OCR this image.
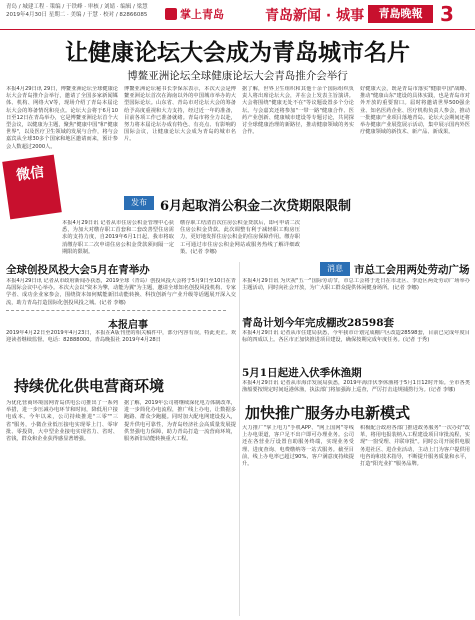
青岛 / 城建工程 · 策编 / 于铁峰 · 审核 / 刘婧 · 编辑 / 梁慧
2019年4月30日 星期二 · 美编 / 于慧 · 校对 / 82866085	掌上青岛	青岛新闻 · 城事	青島晚報 3
让健康论坛大会成为青岛城市名片
博鳌亚洲论坛全球健康论坛大会青岛推介会举行
微信
本报4月29日讯 29日，博鳌亚洲论坛全球健康论坛大会青岛推介会举行，邀请了全国多家新闻媒体、机构、网络大V等，现场介绍了青岛本届论坛大会的筹备情况和亮点。论坛大会将于6月10日至12日在青岛举办，它是博鳌亚洲论坛首个大型会议，以健康为主题，聚焦"健康中国"和"健康世界"，以及医疗卫生领域的发展与合作，将与会嘉宾从全球30多个国家和地区邀请而来，预计参会人数超过2000人。
博鳌亚洲论坛秘书长李保东表示，本次大会是博鳌亚洲论坛首次在海南以外的中国城市举办的大型国际论坛。山东省、青岛市对论坛大会的筹备给予高度重视和大力支持，经过近一年的准备，目前各项工作已准备就绪。青岛市将全力以赴，努力将本届论坛办成有特色、有亮点、有影响的国际会议，让健康论坛大会成为青岛的城市名片。
据了解，世界卫生组织和其他十余个国际组织负责人将出席论坛大会，并在会上发表主旨演讲。大会将围绕"健康无处不在"等议题设置多个分论坛。与会嘉宾还将参加"一带一路"健康合作、医药产业创新、健康城市建设等专题讨论，共同探讨全球健康治理的新路径，推动健康领域的务实合作。
好健康大会，既是青岛市落实"健康中国"战略、推动"健康山东"建设的具体实践，也是青岛市对外开放的重要窗口。届时将邀请世界500强企业、知名医药企业、医疗机构负责人参会，推动一批健康产业项目落地青岛。论坛大会期间还将举办健康产业展览展示活动，集中展示国内外医疗健康领域的新技术、新产品、新成果。
发布	6月起取消公积金二次贷期限限制
本报4月29日讯 记者从市住房公积金管理中心获悉，为加大对缴存职工首套和二套改善型住房需求的支持力度，自2019年6月1日起，我市将取消缴存职工二次申请住房公积金贷款须间隔一定期限的限制。
缴存职工结清首次住房公积金贷款后，即可申请二次住房公积金贷款。此次调整有利于减轻职工购房压力，更好地发挥住房公积金的住房保障作用。缴存职工可通过市住房公积金网站或服务热线了解详细政策。(记者 李娜)
全球创投风投大会5月在青举办
本报4月29日讯 记者从市政府新闻办获悉，2019全球（青岛）创投风投大会将于5月9日至10日在青岛国际会议中心举办。本次大会以"资本为擎，动能为翼"为主题，邀请全球知名创投风投机构、专家学者、成功企业家参会，围绕资本如何赋能新旧动能转换、科技创新与产业升级等话题展开深入交流，助力青岛打造国际化创投风投之城。(记者 李娜)
本报启事
2019年4月22日至2019年4月23日，本报在A版刊登的相关稿件中，部分内容有误，特此更正。欢迎读者继续监督。电话：82888000。青岛晚报社 2019年4月28日
消息	市总工会用两处劳动广场
本报4月29日讯 为庆祝"五一"国际劳动节，市总工会将于近日在市北区、李沧区两处劳动广场举办主题活动，同时向社会开放，为广大职工群众提供休闲健身场所。(记者 李娜)
青岛计划今年完成棚改28598套
本报4月29日讯 记者从市住建局获悉，今年我市计划完成棚户区改造28598套，目前已完成年度目标的四成以上。各区市正加快推进项目建设，确保按期完成年度任务。(记者 于秀)
5月1日起进入伏季休渔期
本报4月29日讯 记者从市海洋发展局获悉，2019年海洋伏季休渔将于5月1日12时开始。全市各类渔船要按规定时间返港休渔，执法部门将加强海上巡查，严厉打击违规捕捞行为。(记者 李娜)
持续优化供电营商环境
加快推广服务办电新模式
为优化营商环境国网青岛供电公司推出了一系列举措，进一步压减办电环节和时间，降低用户接电成本。今年以来，公司持续推进"三零""三省"服务，小微企业低压接电实现零上门、零审批、零投资，大中型企业接电实现省力、省时、省钱，群众和企业获得感显著增强。
据了解，2019年公司将继续深化电力体制改革，进一步简化办电流程，推广线上办电，让数据多跑路、群众少跑腿。同时加大配电网建设投入，提升供电可靠性，为青岛经济社会高质量发展提供坚强电力保障，助力青岛打造一流营商环境，服务新旧动能转换重大工程。
大力推广"掌上电力"手机APP、"网上国网"等线上办电渠道，客户足不出户即可办理业务。公司还在各营业厅设置自助服务终端，实现业务受理、进度查询、电费缴纳等一站式服务。截至目前，线上办电率已超过90%，客户满意度持续提升。
积极配合政府各部门推进政务服务"一次办好"改革，将用电报装纳入工程建设项目审批流程，实现"一窗受理、并联审批"。同时公司开展供电服务进社区、进企业活动，主动上门为客户提供用电咨询和技术指导，不断提升服务质量和水平，打造"阳光业扩"服务品牌。
